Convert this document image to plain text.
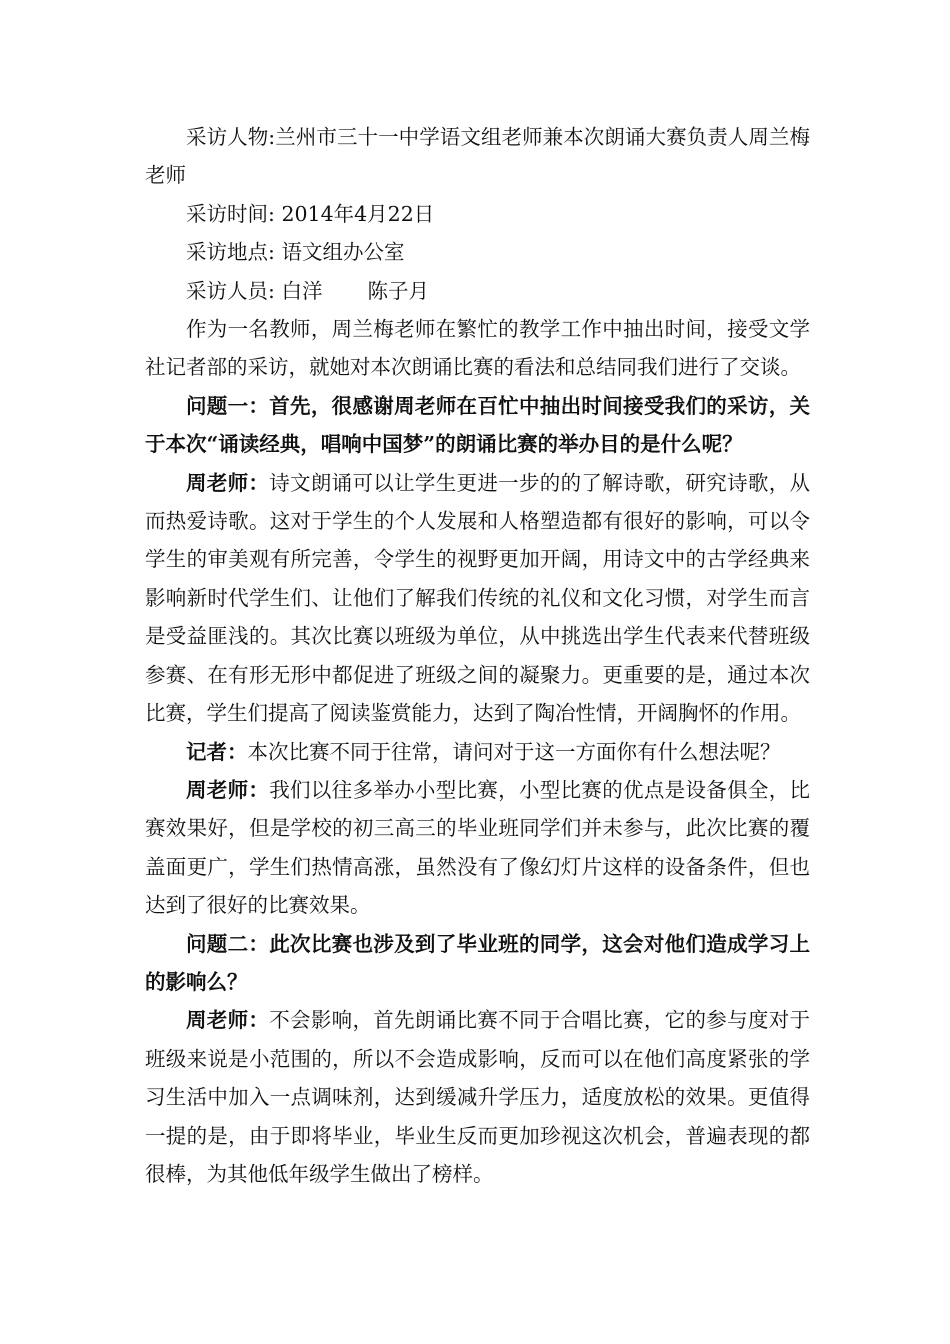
采访人物:兰州市三十一中学语文组老师兼本次朗诵大赛负责人周兰梅老师

采访时间: 2014年4月22日

采访地点: 语文组办公室

采访人员: 白洋 陈子月

作为一名教师，周兰梅老师在繁忙的教学工作中抽出时间，接受文学社记者部的采访，就她对本次朗诵比赛的看法和总结同我们进行了交谈。

问题一：首先，很感谢周老师在百忙中抽出时间接受我们的采访，关于本次“诵读经典，唱响中国梦”的朗诵比赛的举办目的是什么呢？

周老师：诗文朗诵可以让学生更进一步的的了解诗歌，研究诗歌，从而热爱诗歌。这对于学生的个人发展和人格塑造都有很好的影响，可以令学生的审美观有所完善，令学生的视野更加开阔，用诗文中的古学经典来影响新时代学生们、让他们了解我们传统的礼仪和文化习惯，对学生而言是受益匪浅的。其次比赛以班级为单位，从中挑选出学生代表来代替班级参赛、在有形无形中都促进了班级之间的凝聚力。更重要的是，通过本次比赛，学生们提高了阅读鉴赏能力，达到了陶冶性情，开阔胸怀的作用。

记者：本次比赛不同于往常，请问对于这一方面你有什么想法呢？

周老师：我们以往多举办小型比赛，小型比赛的优点是设备俱全，比赛效果好，但是学校的初三高三的毕业班同学们并未参与，此次比赛的覆盖面更广，学生们热情高涨，虽然没有了像幻灯片这样的设备条件，但也达到了很好的比赛效果。

问题二：此次比赛也涉及到了毕业班的同学，这会对他们造成学习上的影响么？

周老师：不会影响，首先朗诵比赛不同于合唱比赛，它的参与度对于班级来说是小范围的，所以不会造成影响，反而可以在他们高度紧张的学习生活中加入一点调味剂，达到缓减升学压力，适度放松的效果。更值得一提的是，由于即将毕业，毕业生反而更加珍视这次机会，普遍表现的都很棒，为其他低年级学生做出了榜样。
